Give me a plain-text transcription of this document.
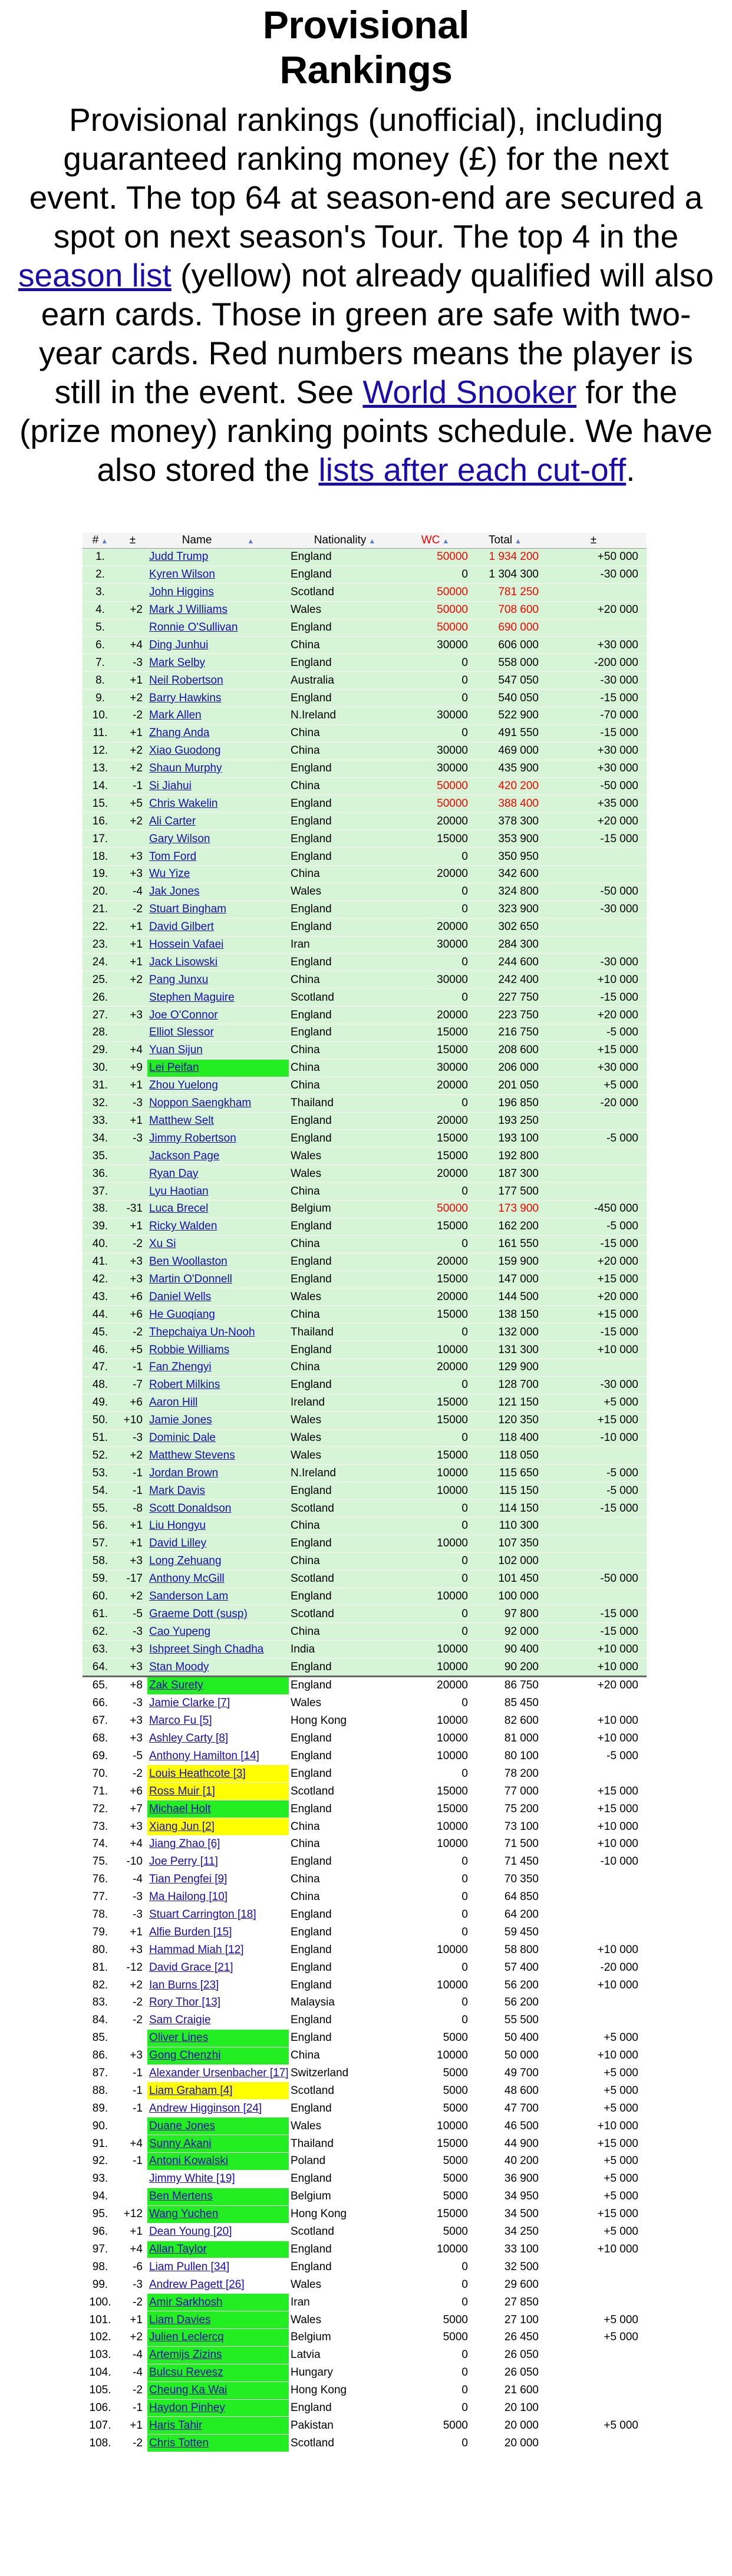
Provisional
Rankings
Provisional rankings (unofficial), including guaranteed ranking money (£) for the next event. The top 64 at season-end are secured a spot on next season's Tour. The top 4 in the season list (yellow) not already qualified will also earn cards. Those in green are safe with two-year cards. Red numbers means the player is still in the event. See World Snooker for the (prize money) ranking points schedule. We have also stored the lists after each cut-off.
# ▲	±	Name ▲	Nationality ▲	WC ▲	Total ▲	±
1.		Judd Trump	England	50000	1 934 200	+50 000
2.		Kyren Wilson	England	0	1 304 300	-30 000
3.		John Higgins	Scotland	50000	781 250	
4.	+2	Mark J Williams	Wales	50000	708 600	+20 000
5.		Ronnie O'Sullivan	England	50000	690 000	
6.	+4	Ding Junhui	China	30000	606 000	+30 000
7.	-3	Mark Selby	England	0	558 000	-200 000
8.	+1	Neil Robertson	Australia	0	547 050	-30 000
9.	+2	Barry Hawkins	England	0	540 050	-15 000
10.	-2	Mark Allen	N.Ireland	30000	522 900	-70 000
11.	+1	Zhang Anda	China	0	491 550	-15 000
12.	+2	Xiao Guodong	China	30000	469 000	+30 000
13.	+2	Shaun Murphy	England	30000	435 900	+30 000
14.	-1	Si Jiahui	China	50000	420 200	-50 000
15.	+5	Chris Wakelin	England	50000	388 400	+35 000
16.	+2	Ali Carter	England	20000	378 300	+20 000
17.		Gary Wilson	England	15000	353 900	-15 000
18.	+3	Tom Ford	England	0	350 950	
19.	+3	Wu Yize	China	20000	342 600	
20.	-4	Jak Jones	Wales	0	324 800	-50 000
21.	-2	Stuart Bingham	England	0	323 900	-30 000
22.	+1	David Gilbert	England	20000	302 650	
23.	+1	Hossein Vafaei	Iran	30000	284 300	
24.	+1	Jack Lisowski	England	0	244 600	-30 000
25.	+2	Pang Junxu	China	30000	242 400	+10 000
26.		Stephen Maguire	Scotland	0	227 750	-15 000
27.	+3	Joe O'Connor	England	20000	223 750	+20 000
28.		Elliot Slessor	England	15000	216 750	-5 000
29.	+4	Yuan Sijun	China	15000	208 600	+15 000
30.	+9	Lei Peifan	China	30000	206 000	+30 000
31.	+1	Zhou Yuelong	China	20000	201 050	+5 000
32.	-3	Noppon Saengkham	Thailand	0	196 850	-20 000
33.	+1	Matthew Selt	England	20000	193 250	
34.	-3	Jimmy Robertson	England	15000	193 100	-5 000
35.		Jackson Page	Wales	15000	192 800	
36.		Ryan Day	Wales	20000	187 300	
37.		Lyu Haotian	China	0	177 500	
38.	-31	Luca Brecel	Belgium	50000	173 900	-450 000
39.	+1	Ricky Walden	England	15000	162 200	-5 000
40.	-2	Xu Si	China	0	161 550	-15 000
41.	+3	Ben Woollaston	England	20000	159 900	+20 000
42.	+3	Martin O'Donnell	England	15000	147 000	+15 000
43.	+6	Daniel Wells	Wales	20000	144 500	+20 000
44.	+6	He Guoqiang	China	15000	138 150	+15 000
45.	-2	Thepchaiya Un-Nooh	Thailand	0	132 000	-15 000
46.	+5	Robbie Williams	England	10000	131 300	+10 000
47.	-1	Fan Zhengyi	China	20000	129 900	
48.	-7	Robert Milkins	England	0	128 700	-30 000
49.	+6	Aaron Hill	Ireland	15000	121 150	+5 000
50.	+10	Jamie Jones	Wales	15000	120 350	+15 000
51.	-3	Dominic Dale	Wales	0	118 400	-10 000
52.	+2	Matthew Stevens	Wales	15000	118 050	
53.	-1	Jordan Brown	N.Ireland	10000	115 650	-5 000
54.	-1	Mark Davis	England	10000	115 150	-5 000
55.	-8	Scott Donaldson	Scotland	0	114 150	-15 000
56.	+1	Liu Hongyu	China	0	110 300	
57.	+1	David Lilley	England	10000	107 350	
58.	+3	Long Zehuang	China	0	102 000	
59.	-17	Anthony McGill	Scotland	0	101 450	-50 000
60.	+2	Sanderson Lam	England	10000	100 000	
61.	-5	Graeme Dott (susp)	Scotland	0	97 800	-15 000
62.	-3	Cao Yupeng	China	0	92 000	-15 000
63.	+3	Ishpreet Singh Chadha	India	10000	90 400	+10 000
64.	+3	Stan Moody	England	10000	90 200	+10 000
65.	+8	Zak Surety	England	20000	86 750	+20 000
66.	-3	Jamie Clarke [7]	Wales	0	85 450	
67.	+3	Marco Fu [5]	Hong Kong	10000	82 600	+10 000
68.	+3	Ashley Carty [8]	England	10000	81 000	+10 000
69.	-5	Anthony Hamilton [14]	England	10000	80 100	-5 000
70.	-2	Louis Heathcote [3]	England	0	78 200	
71.	+6	Ross Muir [1]	Scotland	15000	77 000	+15 000
72.	+7	Michael Holt	England	15000	75 200	+15 000
73.	+3	Xiang Jun [2]	China	10000	73 100	+10 000
74.	+4	Jiang Zhao [6]	China	10000	71 500	+10 000
75.	-10	Joe Perry [11]	England	0	71 450	-10 000
76.	-4	Tian Pengfei [9]	China	0	70 350	
77.	-3	Ma Hailong [10]	China	0	64 850	
78.	-3	Stuart Carrington [18]	England	0	64 200	
79.	+1	Alfie Burden [15]	England	0	59 450	
80.	+3	Hammad Miah [12]	England	10000	58 800	+10 000
81.	-12	David Grace [21]	England	0	57 400	-20 000
82.	+2	Ian Burns [23]	England	10000	56 200	+10 000
83.	-2	Rory Thor [13]	Malaysia	0	56 200	
84.	-2	Sam Craigie	England	0	55 500	
85.		Oliver Lines	England	5000	50 400	+5 000
86.	+3	Gong Chenzhi	China	10000	50 000	+10 000
87.	-1	Alexander Ursenbacher [17]	Switzerland	5000	49 700	+5 000
88.	-1	Liam Graham [4]	Scotland	5000	48 600	+5 000
89.	-1	Andrew Higginson [24]	England	5000	47 700	+5 000
90.		Duane Jones	Wales	10000	46 500	+10 000
91.	+4	Sunny Akani	Thailand	15000	44 900	+15 000
92.	-1	Antoni Kowalski	Poland	5000	40 200	+5 000
93.		Jimmy White [19]	England	5000	36 900	+5 000
94.		Ben Mertens	Belgium	5000	34 950	+5 000
95.	+12	Wang Yuchen	Hong Kong	15000	34 500	+15 000
96.	+1	Dean Young [20]	Scotland	5000	34 250	+5 000
97.	+4	Allan Taylor	England	10000	33 100	+10 000
98.	-6	Liam Pullen [34]	England	0	32 500	
99.	-3	Andrew Pagett [26]	Wales	0	29 600	
100.	-2	Amir Sarkhosh	Iran	0	27 850	
101.	+1	Liam Davies	Wales	5000	27 100	+5 000
102.	+2	Julien Leclercq	Belgium	5000	26 450	+5 000
103.	-4	Artemijs Zizins	Latvia	0	26 050	
104.	-4	Bulcsu Revesz	Hungary	0	26 050	
105.	-2	Cheung Ka Wai	Hong Kong	0	21 600	
106.	-1	Haydon Pinhey	England	0	20 100	
107.	+1	Haris Tahir	Pakistan	5000	20 000	+5 000
108.	-2	Chris Totten	Scotland	0	20 000	
